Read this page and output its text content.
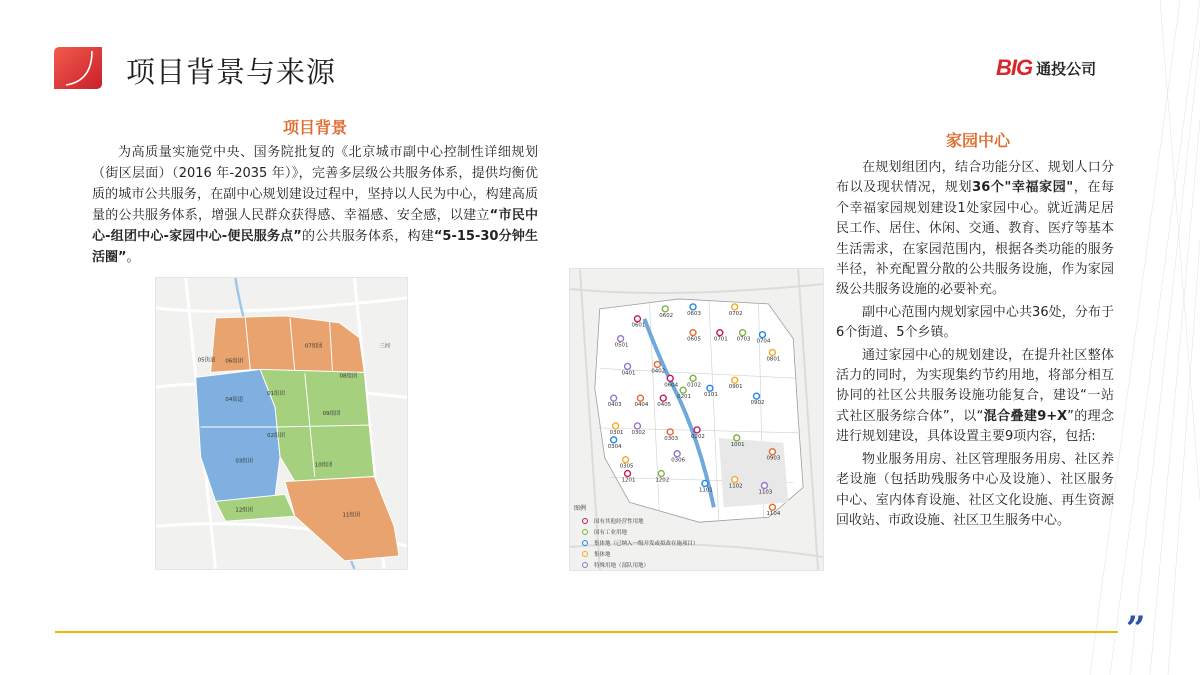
项目背景与来源	BIG 通投公司
项目背景
为高质量实施党中央、国务院批复的《北京城市副中心控制性详细规划（街区层面）（2016 年-2035 年）》，完善多层级公共服务体系，提供均衡优质的城市公共服务，在副中心规划建设过程中，坚持以人民为中心，构建高质量的公共服务体系，增强人民群众获得感、幸福感、安全感，以建立“市民中心-组团中心-家园中心-便民服务点”的公共服务体系，构建“5-15-30分钟生活圈”。
06组团
05街道
07组团
08组团
09组团
01组团
02组团
03组团
04街道
10组团
11组团
12组团
三河
家园中心

在规划组团内，结合功能分区、规划人口分布以及现状情况，规划36个"幸福家园"，在每个幸福家园规划建设1处家园中心。就近满足居民工作、居住、休闲、交通、教育、医疗等基本生活需求，在家园范围内，根据各类功能的服务半径，补充配置分散的公共服务设施，作为家园级公共服务设施的必要补充。

副中心范围内规划家园中心共36处，分布于6个街道、5个乡镇。

通过家园中心的规划建设，在提升社区整体活力的同时，为实现集约节约用地，将部分相互协同的社区公共服务设施功能复合，建设“一站式社区服务综合体”，以“混合叠建9+X”的理念进行规划建设，具体设置主要9项内容，包括:

物业服务用房、社区管理服务用房、社区养老设施（包括助残服务中心及设施）、社区服务中心、室内体育设施、社区文化设施、再生资源回收站、市政设施、社区卫生服务中心。

0601
0602	0603	0702
0501
0605 0701 0703 0704
0801
0401	0402
0604 0102
0101
0901
0403 0404 0405
0201
0902
0301 0302
0303 0202
1001
0304
0305
0306	0903
1201	1202
1101
1102
1103
1104
图例
国有其他经营性用地
国有工业用地
集体地（已纳入一级开发或拟改在施项目）
集体地
特殊用地（部队用地）
”
